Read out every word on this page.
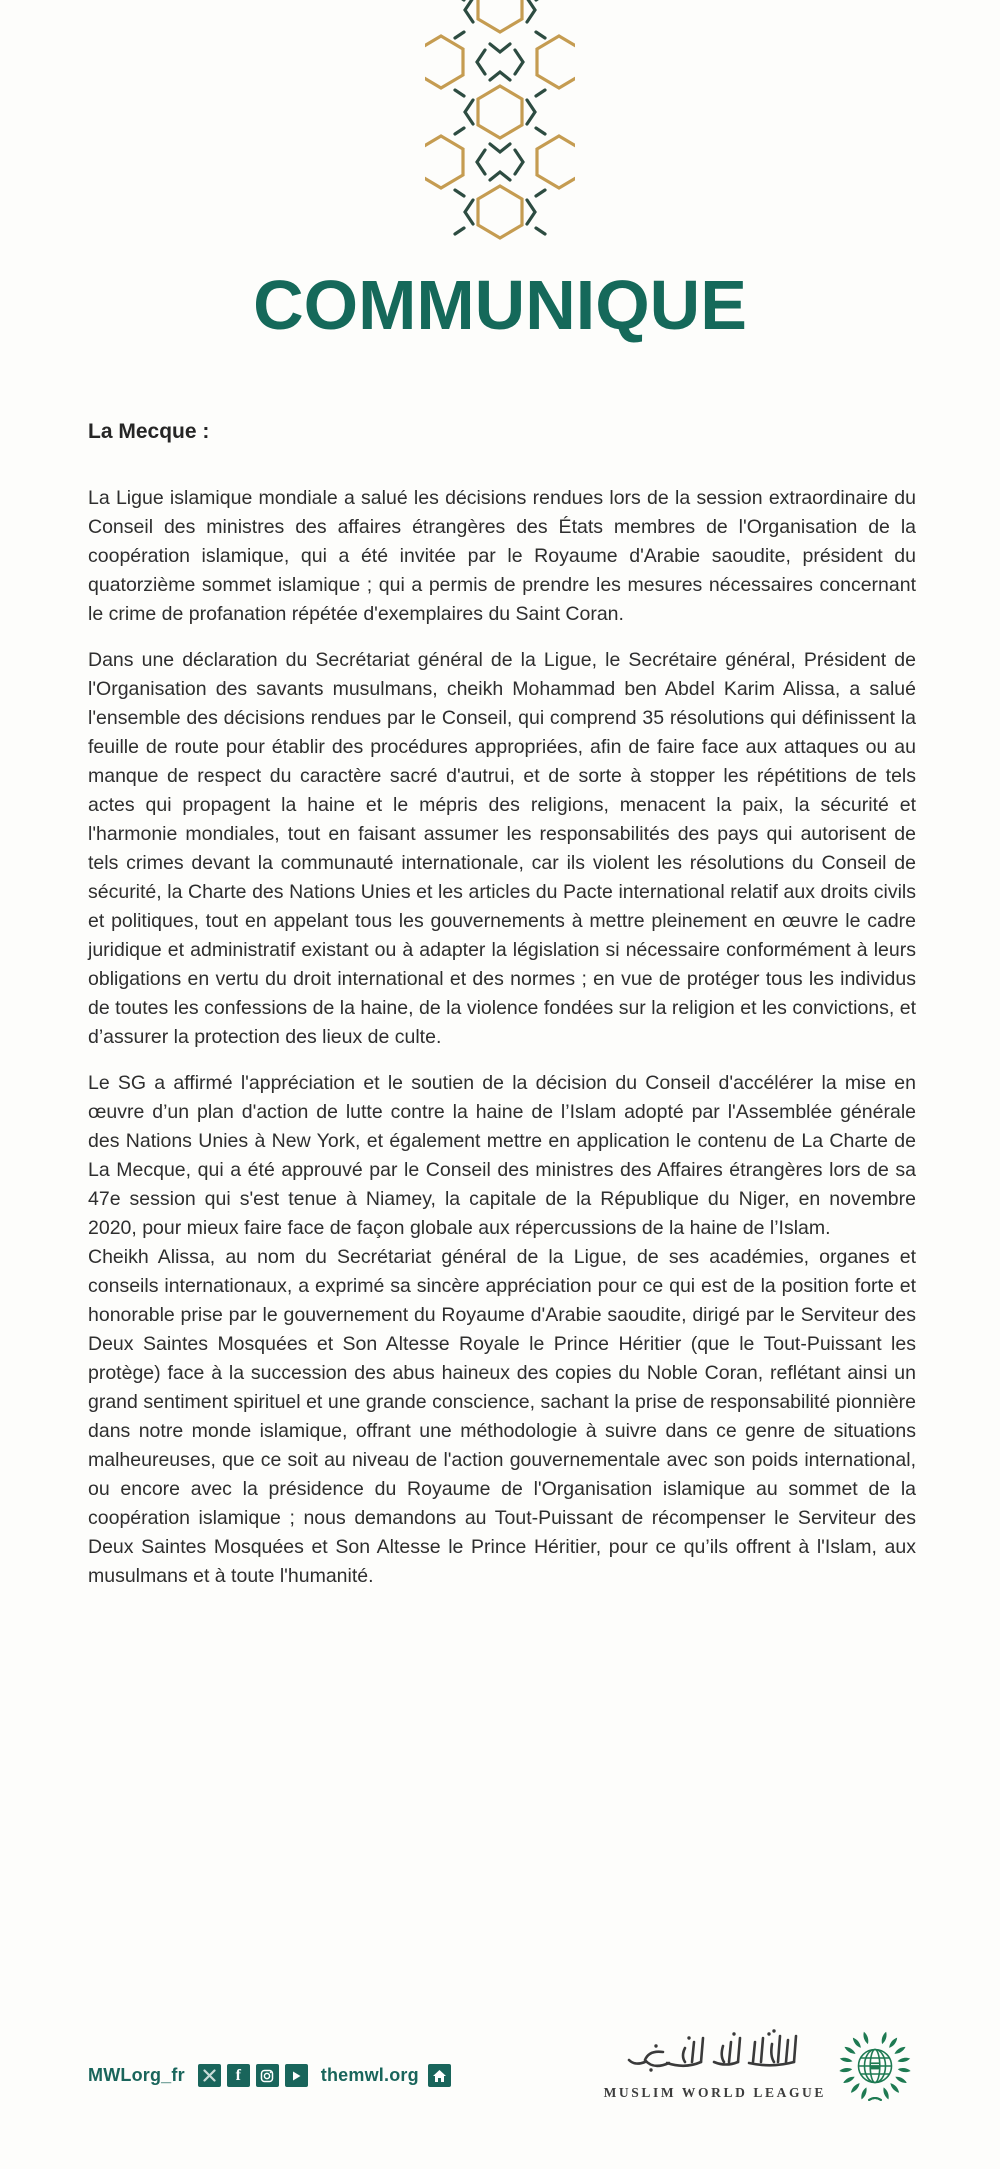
COMMUNIQUE

La Mecque :

La Ligue islamique mondiale a salué les décisions rendues lors de la session extraordinaire du Conseil des ministres des affaires étrangères des États membres de l'Organisation de la coopération islamique, qui a été invitée par le Royaume d'Arabie saoudite, président du quatorzième sommet islamique ; qui a permis de prendre les mesures nécessaires concernant le crime de profanation répétée d'exemplaires du Saint Coran.

Dans une déclaration du Secrétariat général de la Ligue, le Secrétaire général, Président de l'Organisation des savants musulmans, cheikh Mohammad ben Abdel Karim Alissa, a salué l'ensemble des décisions rendues par le Conseil, qui comprend 35 résolutions qui définissent la feuille de route pour établir des procédures appropriées, afin de faire face aux attaques ou au manque de respect du caractère sacré d'autrui, et de sorte à stopper les répétitions de tels actes qui propagent la haine et le mépris des religions, menacent la paix, la sécurité et l'harmonie mondiales, tout en faisant assumer les responsabilités des pays qui autorisent de tels crimes devant la communauté internationale, car ils violent les résolutions du Conseil de sécurité, la Charte des Nations Unies et les articles du Pacte international relatif aux droits civils et politiques, tout en appelant tous les gouvernements à mettre pleinement en œuvre le cadre juridique et administratif existant ou à adapter la législation si nécessaire conformément à leurs obligations en vertu du droit international et des normes ; en vue de protéger tous les individus de toutes les confessions de la haine, de la violence fondées sur la religion et les convictions, et d’assurer la protection des lieux de culte.

Le SG a affirmé l'appréciation et le soutien de la décision du Conseil d'accélérer la mise en œuvre d’un plan d'action de lutte contre la haine de l’Islam adopté par l'Assemblée générale des Nations Unies à New York, et également mettre en application le contenu de La Charte de La Mecque, qui a été approuvé par le Conseil des ministres des Affaires étrangères lors de sa 47e session qui s'est tenue à Niamey, la capitale de la République du Niger, en novembre 2020, pour mieux faire face de façon globale aux répercussions de la haine de l’Islam.

Cheikh Alissa, au nom du Secrétariat général de la Ligue, de ses académies, organes et conseils internationaux, a exprimé sa sincère appréciation pour ce qui est de la position forte et honorable prise par le gouvernement du Royaume d'Arabie saoudite, dirigé par le Serviteur des Deux Saintes Mosquées et Son Altesse Royale le Prince Héritier (que le Tout-Puissant les protège) face à la succession des abus haineux des copies du Noble Coran, reflétant ainsi un grand sentiment spirituel et une grande conscience, sachant la prise de responsabilité pionnière dans notre monde islamique, offrant une méthodologie à suivre dans ce genre de situations malheureuses, que ce soit au niveau de l'action gouvernementale avec son poids international, ou encore avec la présidence du Royaume de l'Organisation islamique au sommet de la coopération islamique ; nous demandons au Tout-Puissant de récompenser le Serviteur des Deux Saintes Mosquées et Son Altesse le Prince Héritier, pour ce qu’ils offrent à l'Islam, aux musulmans et à toute l'humanité.

MWLorg_fr	f	themwl.org
MUSLIM WORLD LEAGUE
